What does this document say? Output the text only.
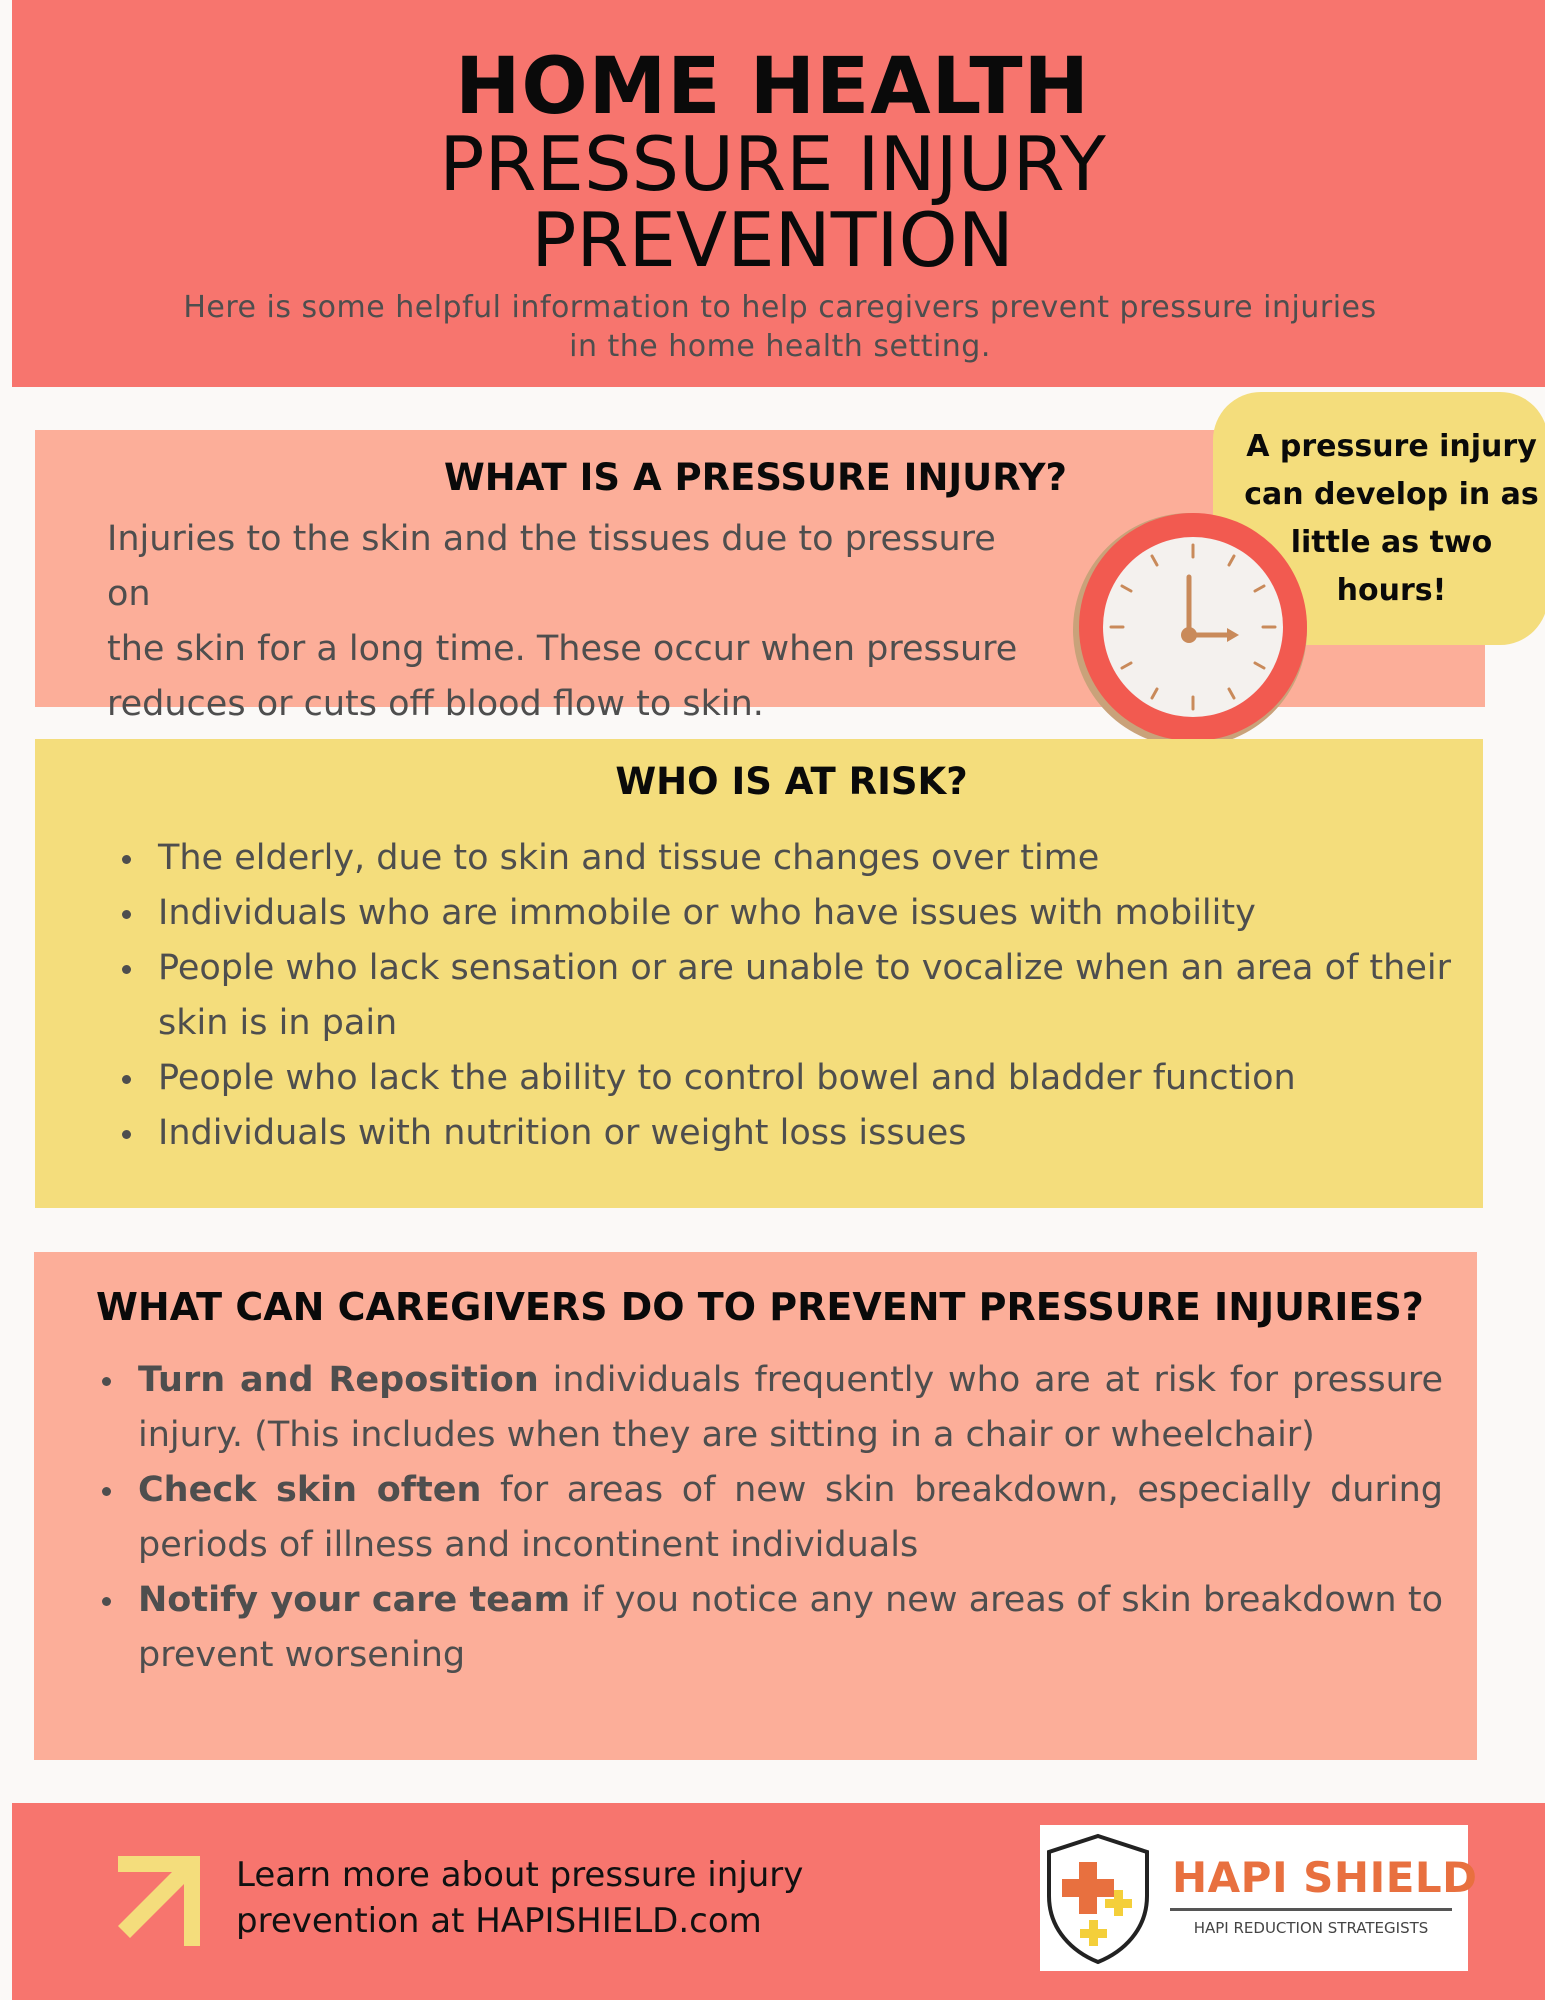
HOME HEALTH
PRESSURE INJURY
PREVENTION
Here is some helpful information to help caregivers prevent pressure injuries
in the home health setting.
WHAT IS A PRESSURE INJURY?
Injuries to the skin and the tissues due to pressure on
the skin for a long time. These occur when pressure
reduces or cuts off blood flow to skin.
A pressure injury
can develop in as
little as two
hours!
WHO IS AT RISK?
The elderly, due to skin and tissue changes over time
Individuals who are immobile or who have issues with mobility
People who lack sensation or are unable to vocalize when an area of their skin is in pain
People who lack the ability to control bowel and bladder function
Individuals with nutrition or weight loss issues
WHAT CAN CAREGIVERS DO TO PREVENT PRESSURE INJURIES?
Turn and Reposition individuals frequently who are at risk for pressure injury. (This includes when they are sitting in a chair or wheelchair)
Check skin often for areas of new skin breakdown, especially during periods of illness and incontinent individuals
Notify your care team if you notice any new areas of skin breakdown to prevent worsening
Learn more about pressure injury
prevention at HAPISHIELD.com
HAPI SHIELD
HAPI REDUCTION STRATEGISTS
